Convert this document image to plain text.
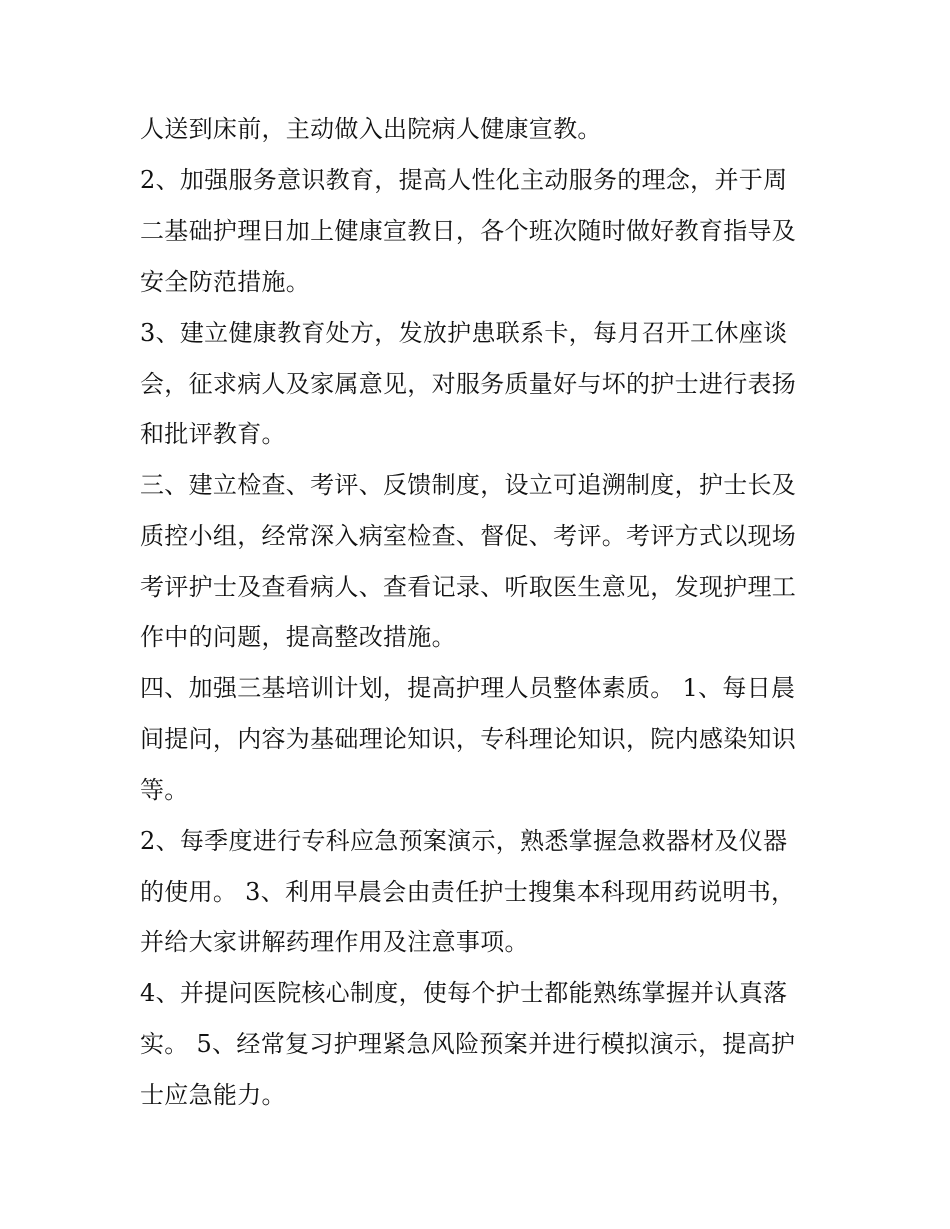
人送到床前，主动做入出院病人健康宣教。
2、加强服务意识教育，提高人性化主动服务的理念，并于周
二基础护理日加上健康宣教日，各个班次随时做好教育指导及
安全防范措施。
3、建立健康教育处方，发放护患联系卡，每月召开工休座谈
会，征求病人及家属意见，对服务质量好与坏的护士进行表扬
和批评教育。
三、建立检查、考评、反馈制度，设立可追溯制度，护士长及
质控小组，经常深入病室检查、督促、考评。考评方式以现场
考评护士及查看病人、查看记录、听取医生意见，发现护理工
作中的问题，提高整改措施。
四、加强三基培训计划，提高护理人员整体素质。 1、每日晨
间提问，内容为基础理论知识，专科理论知识，院内感染知识
等。
2、每季度进行专科应急预案演示，熟悉掌握急救器材及仪器
的使用。 3、利用早晨会由责任护士搜集本科现用药说明书，
并给大家讲解药理作用及注意事项。
4、并提问医院核心制度，使每个护士都能熟练掌握并认真落
实。 5、经常复习护理紧急风险预案并进行模拟演示，提高护
士应急能力。
